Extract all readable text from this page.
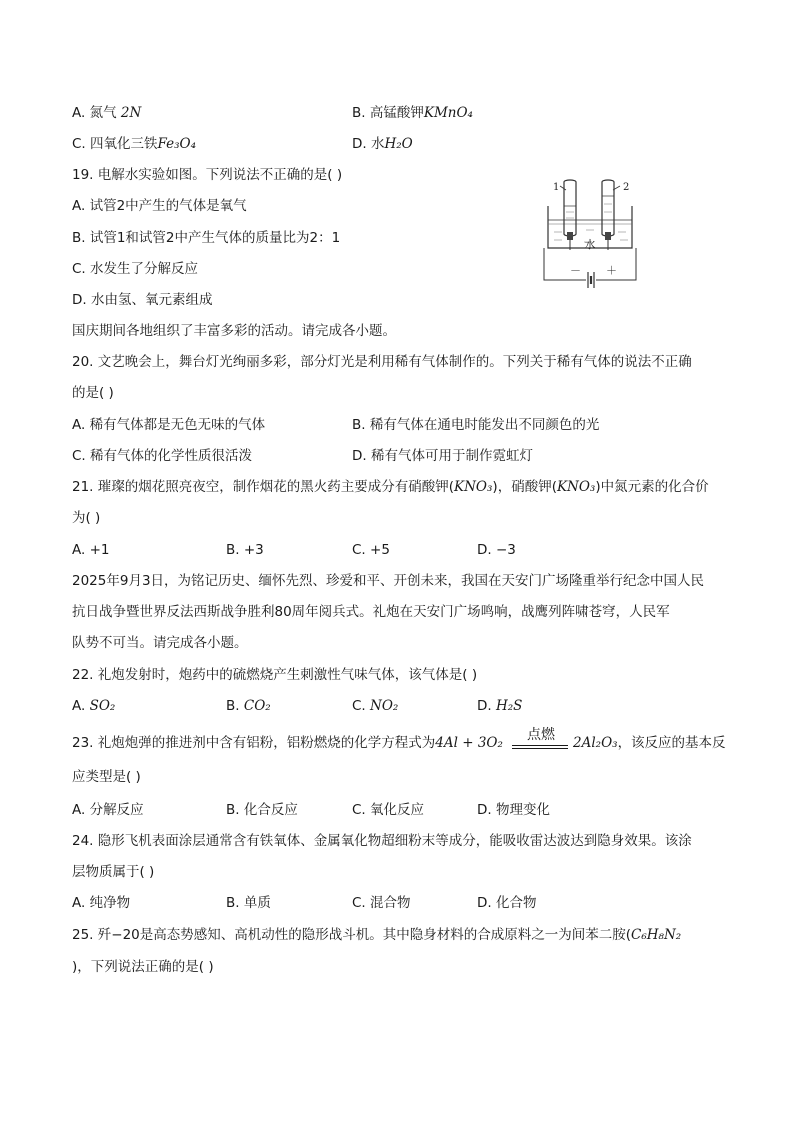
A. 氮气 2N	B. 高锰酸钾KMnO₄
C. 四氧化三铁Fe₃O₄	D. 水H₂O
19. 电解水实验如图。下列说法不正确的是( )
A. 试管2中产生的气体是氧气
B. 试管1和试管2中产生气体的质量比为2：1
C. 水发生了分解反应
D. 水由氢、氧元素组成
1	2
水
－ ＋
国庆期间各地组织了丰富多彩的活动。请完成各小题。
20. 文艺晚会上，舞台灯光绚丽多彩，部分灯光是利用稀有气体制作的。下列关于稀有气体的说法不正确
的是( )
A. 稀有气体都是无色无味的气体	B. 稀有气体在通电时能发出不同颜色的光
C. 稀有气体的化学性质很活泼	D. 稀有气体可用于制作霓虹灯
21. 璀璨的烟花照亮夜空，制作烟花的黑火药主要成分有硝酸钾(KNO₃)，硝酸钾(KNO₃)中氮元素的化合价
为( )
A. +1	B. +3	C. +5	D. −3
2025年9月3日，为铭记历史、缅怀先烈、珍爱和平、开创未来，我国在天安门广场隆重举行纪念中国人民
抗日战争暨世界反法西斯战争胜利80周年阅兵式。礼炮在天安门广场鸣响，战鹰列阵啸苍穹，人民军
队势不可当。请完成各小题。
22. 礼炮发射时，炮药中的硫燃烧产生刺激性气味气体，该气体是( )
A. SO₂	B. CO₂	C. NO₂	D. H₂S
23. 礼炮炮弹的推进剂中含有铝粉，铝粉燃烧的化学方程式为4Al + 3O₂	点燃	2Al₂O₃，该反应的基本反
应类型是( )
A. 分解反应	B. 化合反应	C. 氧化反应	D. 物理变化
24. 隐形飞机表面涂层通常含有铁氧体、金属氧化物超细粉末等成分，能吸收雷达波达到隐身效果。该涂
层物质属于( )
A. 纯净物	B. 单质	C. 混合物	D. 化合物
25. 歼−20是高态势感知、高机动性的隐形战斗机。其中隐身材料的合成原料之一为间苯二胺(C₆H₈N₂
)，下列说法正确的是( )
